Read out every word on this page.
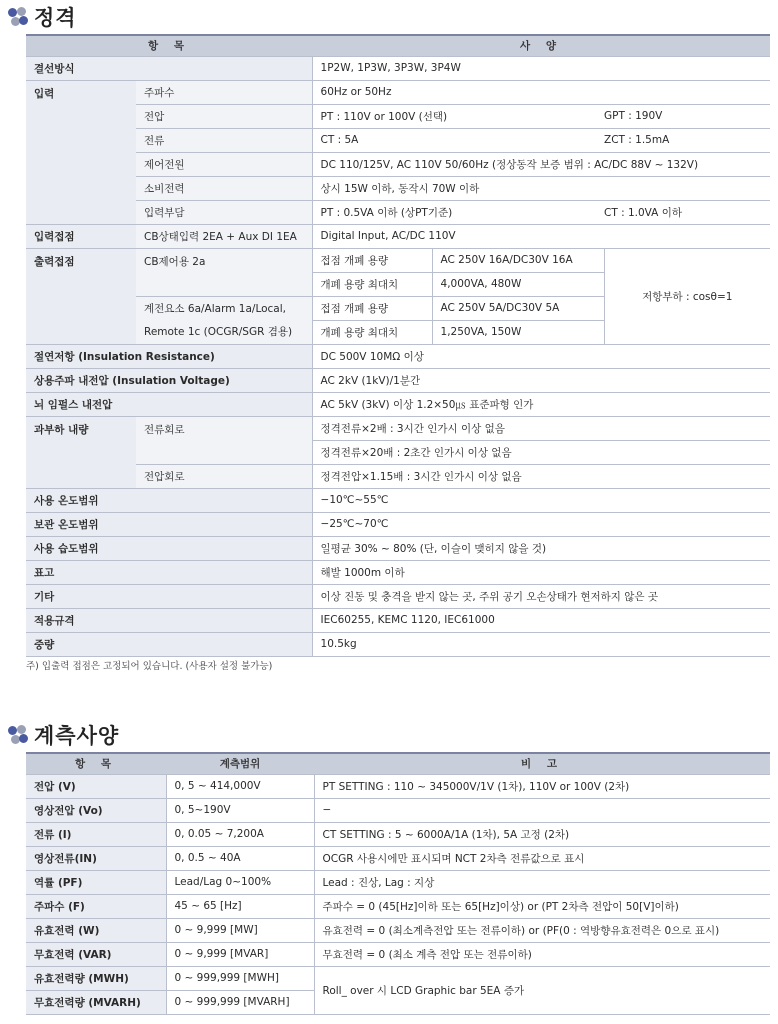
정격
항 목		사 양		
결선방식		1P2W, 1P3W, 3P3W, 3P4W		
입력	주파수	60Hz or 50Hz		
	전압	PT : 110V or 100V (선택)		GPT : 190V
	전류	CT : 5A		ZCT : 1.5mA
	제어전원	DC 110/125V, AC 110V 50/60Hz (정상동작 보증 범위 : AC/DC 88V ~ 132V)		
	소비전력	상시 15W 이하, 동작시 70W 이하		
	입력부담	PT : 0.5VA 이하 (상PT기준)		CT : 1.0VA 이하
입력접점	CB상태입력 2EA + Aux DI 1EA	Digital Input, AC/DC 110V		
출력접점	CB제어용 2a	접점 개폐 용량	AC 250V 16A/DC30V 16A	저항부하 : cosθ=1
		개폐 용량 최대치	4,000VA, 480W	
	계전요소 6a/Alarm 1a/Local,	접점 개폐 용량	AC 250V 5A/DC30V 5A	
	Remote 1c (OCGR/SGR 겸용)	개폐 용량 최대치	1,250VA, 150W	
절연저항 (Insulation Resistance)		DC 500V 10MΩ 이상		
상용주파 내전압 (Insulation Voltage)		AC 2kV (1kV)/1분간		
뇌 임펄스 내전압		AC 5kV (3kV) 이상 1.2×50㎲ 표준파형 인가		
과부하 내량	전류회로	정격전류×2배 : 3시간 인가시 이상 없음		
		정격전류×20배 : 2초간 인가시 이상 없음		
	전압회로	정격전압×1.15배 : 3시간 인가시 이상 없음		
사용 온도범위		−10℃~55℃		
보관 온도범위		−25℃~70℃		
사용 습도범위		일평균 30% ~ 80% (단, 이슬이 맺히지 않을 것)		
표고		해발 1000m 이하		
기타		이상 진동 및 충격을 받지 않는 곳, 주위 공기 오손상태가 현저하지 않은 곳		
적용규격		IEC60255, KEMC 1120, IEC61000		
중량		10.5kg		
주) 입출력 접점은 고정되어 있습니다. (사용자 설정 불가능)
계측사양
항 목	계측범위	비 고
전압 (V)	0, 5 ~ 414,000V	PT SETTING : 110 ~ 345000V/1V (1차), 110V or 100V (2차)
영상전압 (Vo)	0, 5~190V	−
전류 (I)	0, 0.05 ~ 7,200A	CT SETTING : 5 ~ 6000A/1A (1차), 5A 고정 (2차)
영상전류(IN)	0, 0.5 ~ 40A	OCGR 사용시에만 표시되며 NCT 2차측 전류값으로 표시
역률 (PF)	Lead/Lag 0~100%	Lead : 진상, Lag : 지상
주파수 (F)	45 ~ 65 [Hz]	주파수 = 0 (45[Hz]이하 또는 65[Hz]이상) or (PT 2차측 전압이 50[V]이하)
유효전력 (W)	0 ~ 9,999 [MW]	유효전력 = 0 (최소계측전압 또는 전류이하) or (PF(0 : 역방향유효전력은 0으로 표시)
무효전력 (VAR)	0 ~ 9,999 [MVAR]	무효전력 = 0 (최소 계측 전압 또는 전류이하)
유효전력량 (MWH)	0 ~ 999,999 [MWH]	Roll_ over 시 LCD Graphic bar 5EA 증가
무효전력량 (MVARH)	0 ~ 999,999 [MVARH]	
